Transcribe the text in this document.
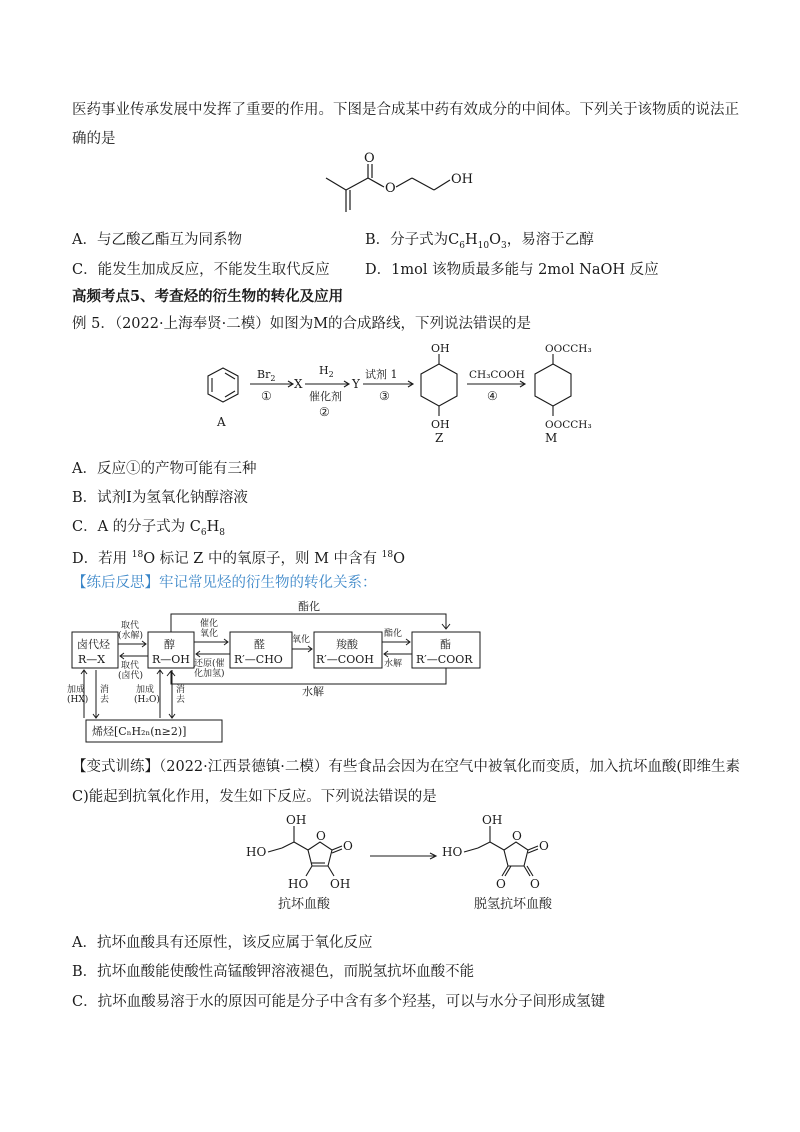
医药事业传承发展中发挥了重要的作用。下图是合成某中药有效成分的中间体。下列关于该物质的说法正
确的是
O
O
OH
A．与乙酸乙酯互为同系物	B．分子式为$C_6H_{10}O_3$，易溶于乙醇
C．能发生加成反应，不能发生取代反应 D．1mol 该物质最多能与 2mol NaOH 反应
高频考点5、考查烃的衍生物的转化及应用
例 5．（2022·上海奉贤·二模）如图为M的合成路线，下列说法错误的是
A
$Br_2$
①
X
$H_2$
催化剂
②
Y
试剂 1
③
OH
OH
Z
CH₃COOH
④
OOCCH₃
OOCCH₃
M
A．反应①的产物可能有三种
B．试剂Ⅰ为氢氧化钠醇溶液
C．A 的分子式为 $C_6H_8$
D．若用 $^{18}$O 标记 Z 中的氧原子，则 M 中含有 $^{18}$O
【练后反思】牢记常见烃的衍生物的转化关系：
酯化
卤代烃
R—X
取代
(水解)
取代
(卤代)
醇
R—OH
催化
氧化
还原(催
化加氢)
醛
R′—CHO
氧化 羧酸
R′—COOH
酯化
水解
酯
R′—COOR
水解
加成
(HX)
消
去
加成
(H₂O)
消
去
烯烃[CₙH₂ₙ(n≥2)]
【变式训练】（2022·江西景德镇·二模）有些食品会因为在空气中被氧化而变质，加入抗坏血酸(即维生素
C)能起到抗氧化作用，发生如下反应。下列说法错误的是
OH
HO
O
O
HO OH
抗坏血酸
OH
HO
O
O
O O
脱氢抗坏血酸
A．抗坏血酸具有还原性，该反应属于氧化反应
B．抗坏血酸能使酸性高锰酸钾溶液褪色，而脱氢抗坏血酸不能
C．抗坏血酸易溶于水的原因可能是分子中含有多个羟基，可以与水分子间形成氢键
